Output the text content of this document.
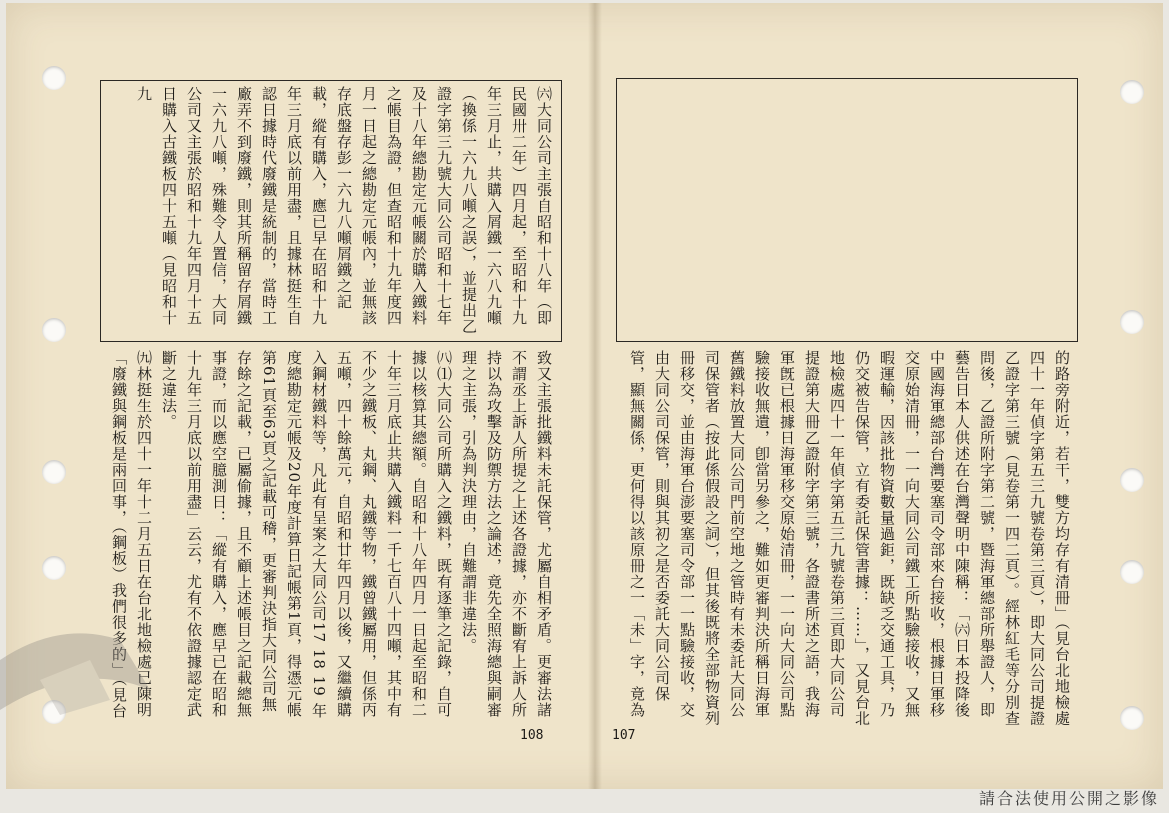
㈥大同公司主張自昭和十八年（即民國卅二年）四月起，至昭和十九年三月止，共購入屑鐵一六八九噸（換係一六九八噸之誤），並提出乙證字第三九號大同公司昭和十七年及十八年總勘定元帳關於購入鐵料之帳目為證，但查昭和十九年度四月一日起之總勘定元帳內，並無該存底盤存彭一六九八噸屑鐵之記載，縱有購入，應已早在昭和十九年三月底以前用盡，且據林挺生自認日據時代廢鐵是統制的，當時工廠弄不到廢鐵，則其所稱留存屑鐵一六九八噸，殊難令人置信，大同公司又主張於昭和十九年四月十五日購入古鐵板四十五噸（見昭和十九
致又主張批鐵料未託保管，尤屬自相矛盾。更審法諸不謂丞上訴人所提之上述各證據，亦不斷宥上訴人所持以為攻擊及防禦方法之論述，竟先全照海總與嗣審理之主張，引為判決理由，自難謂非違法。
㈧⑴大同公司所購入之鐵料，既有逐筆之記錄，自可據以核算其總額。自昭和十八年四月一日起至昭和二十年三月底止共購入鐵料一千七百八十四噸，其中有不少之鐵板、丸鋼、丸鐵等物，鐵曾鐵屬用，但係丙五噸，四十餘萬元，自昭和廿年四月以後，又繼續購入鋼材鐵料等，凡此有呈案之大同公司17 18 19 年度總勘定元帳及20年度計算日記帳第1頁，得憑元帳第61頁至63頁之記載可稽，更審判決指大同公司無存餘之記載，已屬偷據，且不顧上述帳目之記載總無事證，而以應空臆測日：「縱有購入，應早已在昭和十九年三月底以前用盡」云云，尤有不依證據認定武斷之違法。
㈨林挺生於四十一年十二月五日在台北地檢處已陳明「廢鐵與鋼板是兩回事，（鋼板）我們很多的」（見台
的路旁附近，若干，雙方均存有清冊」（見台北地檢處四十一年偵字第五三九號卷第三頁），即大同公司提證乙證字第三號（見卷第一四二頁）。經林紅毛等分別查問後，乙證所附字第二號，暨海軍總部所舉證人，即藝告日本人供述在台灣聲明中陳稱：「㈥日本投降後中國海軍總部台灣要塞司令部來台接收，根據日軍移交原始清冊，一一向大同公司鐵工所點驗接收，又無暇運輸，因該批物資數量過鉅，既缺乏交通工具，乃仍交被告保管，立有委託保管書據：……」，又見台北地檢處四十一年偵字第五三九號卷第三頁即大同公司提證第大冊乙證附字第三號，各證書所述之語，我海軍旣已根據日海軍移交原始清冊，一一向大同公司點驗接收無遺，卽當另參之，難如更審判決所稱日海軍舊鐵料放置大同公司門前空地之管時有未委託大同公司保管者（按此係假設之詞），但其後既將全部物資列冊移交，並由海軍台澎要塞司令部一一點驗接收，交由大同公司保管，則與其初之是否委託大同公司保管，顯無關係，更何得以該原冊之一「未」字，竟為
108	107
請合法使用公開之影像
